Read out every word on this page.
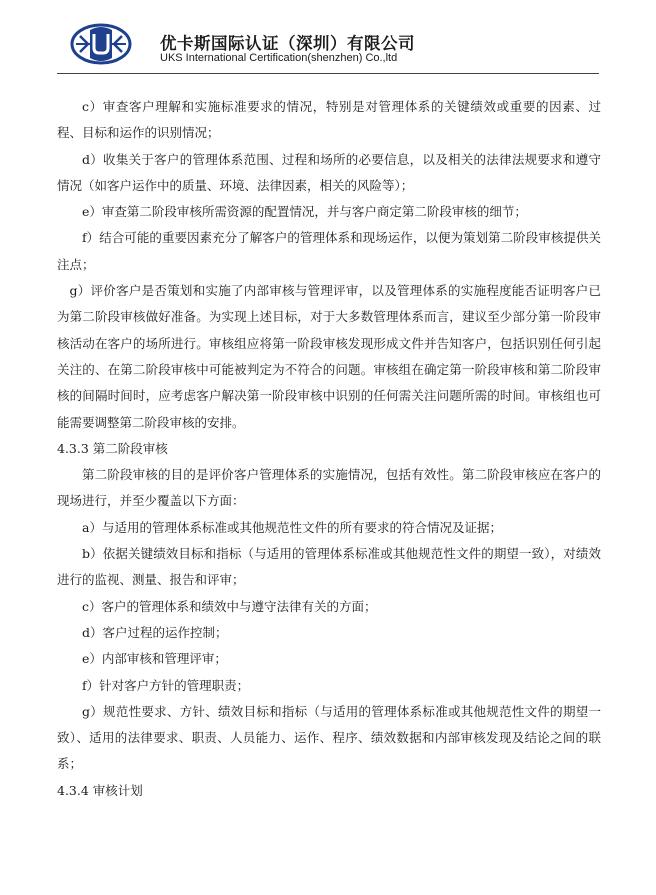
优卡斯国际认证（深圳）有限公司
UKS International Certification(shenzhen) Co.,ltd

c）审查客户理解和实施标准要求的情况，特别是对管理体系的关键绩效或重要的因素、过程、目标和运作的识别情况；

d）收集关于客户的管理体系范围、过程和场所的必要信息，以及相关的法律法规要求和遵守情况（如客户运作中的质量、环境、法律因素，相关的风险等）；

e）审查第二阶段审核所需资源的配置情况，并与客户商定第二阶段审核的细节；

f）结合可能的重要因素充分了解客户的管理体系和现场运作，以便为策划第二阶段审核提供关注点；

g）评价客户是否策划和实施了内部审核与管理评审，以及管理体系的实施程度能否证明客户已为第二阶段审核做好准备。为实现上述目标，对于大多数管理体系而言，建议至少部分第一阶段审核活动在客户的场所进行。审核组应将第一阶段审核发现形成文件并告知客户，包括识别任何引起关注的、在第二阶段审核中可能被判定为不符合的问题。审核组在确定第一阶段审核和第二阶段审核的间隔时间时，应考虑客户解决第一阶段审核中识别的任何需关注问题所需的时间。审核组也可能需要调整第二阶段审核的安排。

4.3.3 第二阶段审核

第二阶段审核的目的是评价客户管理体系的实施情况，包括有效性。第二阶段审核应在客户的现场进行，并至少覆盖以下方面：

a）与适用的管理体系标准或其他规范性文件的所有要求的符合情况及证据；

b）依据关键绩效目标和指标（与适用的管理体系标准或其他规范性文件的期望一致），对绩效进行的监视、测量、报告和评审；

c）客户的管理体系和绩效中与遵守法律有关的方面；

d）客户过程的运作控制；

e）内部审核和管理评审；

f）针对客户方针的管理职责；

g）规范性要求、方针、绩效目标和指标（与适用的管理体系标准或其他规范性文件的期望一致）、适用的法律要求、职责、人员能力、运作、程序、绩效数据和内部审核发现及结论之间的联系；

4.3.4 审核计划
